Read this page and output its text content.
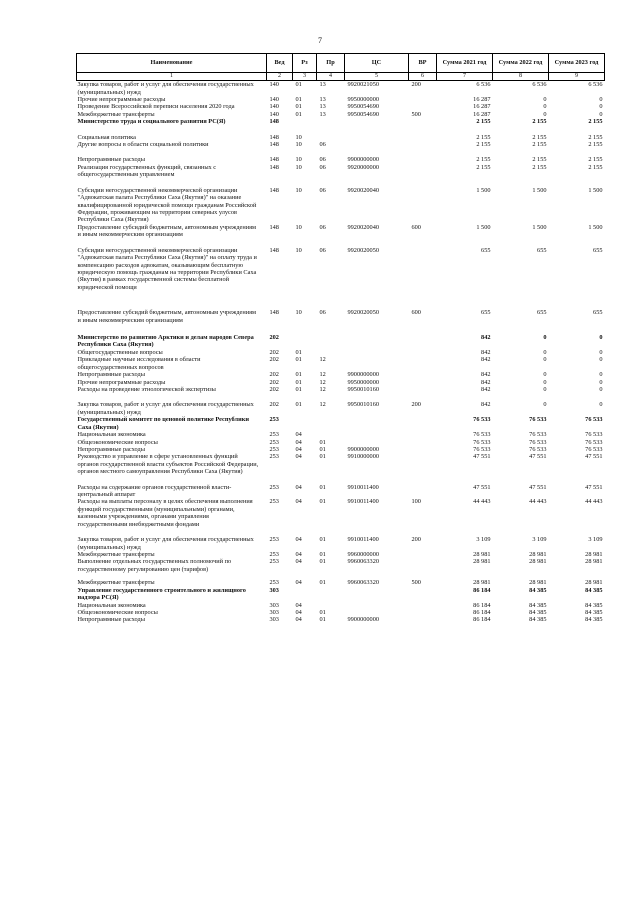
7
Наименование	Вед	Рз	Пр	ЦС	ВР	Сумма 2021 год	Сумма 2022 год	Сумма 2023 год
1	2	3	4	5	6	7	8	9
Закупка товаров, работ и услуг для обеспечения государственных (муниципальных) нужд	140	01	13	9920021050	200	6 536	6 536	6 536
Прочие непрограммные расходы	140	01	13	9950000000		16 287	0	0
Проведение Всероссийской переписи населения 2020 года	140	01	13	9950054690		16 287	0	0
Межбюджетные трансферты	140	01	13	9950054690	500	16 287	0	0
Министерство труда и социального развития РС(Я)	148					2 155	2 155	2 155
Социальная политика	148	10				2 155	2 155	2 155
Другие вопросы в области социальной политики	148	10	06			2 155	2 155	2 155
Непрограммные расходы	148	10	06	9900000000		2 155	2 155	2 155
Реализация государственных функций, связанных с общегосударственным управлением	148	10	06	9920000000		2 155	2 155	2 155
Субсидии негосударственной некоммерческой организации "Адвокатская палата Республики Саха (Якутия)" на оказание квалифицированной юридической помощи гражданам Российской Федерации, проживающим на территории северных улусов Республики Саха (Якутия)	148	10	06	9920020040		1 500	1 500	1 500
Предоставление субсидий бюджетным, автономным учреждениям и иным некоммерческим организациям	148	10	06	9920020040	600	1 500	1 500	1 500
Субсидии негосударственной некоммерческой организации "Адвокатская палата Республики Саха (Якутия)" на оплату труда и компенсацию расходов адвокатам, оказывающим бесплатную юридическую помощь гражданам на территории Республики Саха (Якутия) в рамках государственной системы бесплатной юридической помощи	148	10	06	9920020050		655	655	655
Предоставление субсидий бюджетным, автономным учреждениям и иным некоммерческим организациям	148	10	06	9920020050	600	655	655	655
Министерство по развитию Арктики и делам народов Севера Республики Саха (Якутия)	202					842	0	0
Общегосударственные вопросы	202	01				842	0	0
Прикладные научные исследования в области общегосударственных вопросов	202	01	12			842	0	0
Непрограммные расходы	202	01	12	9900000000		842	0	0
Прочие непрограммные расходы	202	01	12	9950000000		842	0	0
Расходы на проведение этнологической экспертизы	202	01	12	9950010160		842	0	0
Закупка товаров, работ и услуг для обеспечения государственных (муниципальных) нужд	202	01	12	9950010160	200	842	0	0
Государственный комитет по ценовой политике Республики Саха (Якутия)	253					76 533	76 533	76 533
Национальная экономика	253	04				76 533	76 533	76 533
Общеэкономические вопросы	253	04	01			76 533	76 533	76 533
Непрограммные расходы	253	04	01	9900000000		76 533	76 533	76 533
Руководство и управление в сфере установленных функций органов государственной власти субъектов Российской Федерации, органов местного самоуправления Республики Саха (Якутия)	253	04	01	9910000000		47 551	47 551	47 551
Расходы на содержание органов государственной власти- центральный аппарат	253	04	01	9910011400		47 551	47 551	47 551
Расходы на выплаты персоналу в целях обеспечения выполнения функций государственными (муниципальными) органами, казенными учреждениями, органами управления государственными внебюджетными фондами	253	04	01	9910011400	100	44 443	44 443	44 443
Закупка товаров, работ и услуг для обеспечения государственных (муниципальных) нужд	253	04	01	9910011400	200	3 109	3 109	3 109
Межбюджетные трансферты	253	04	01	9960000000		28 981	28 981	28 981
Выполнение отдельных государственных полномочий по государственному регулированию цен (тарифов)	253	04	01	9960063320		28 981	28 981	28 981
Межбюджетные трансферты	253	04	01	9960063320	500	28 981	28 981	28 981
Управление государственного строительного и жилищного надзора РС(Я)	303					86 184	84 385	84 385
Национальная экономика	303	04				86 184	84 385	84 385
Общеэкономические вопросы	303	04	01			86 184	84 385	84 385
Непрограммные расходы	303	04	01	9900000000		86 184	84 385	84 385
